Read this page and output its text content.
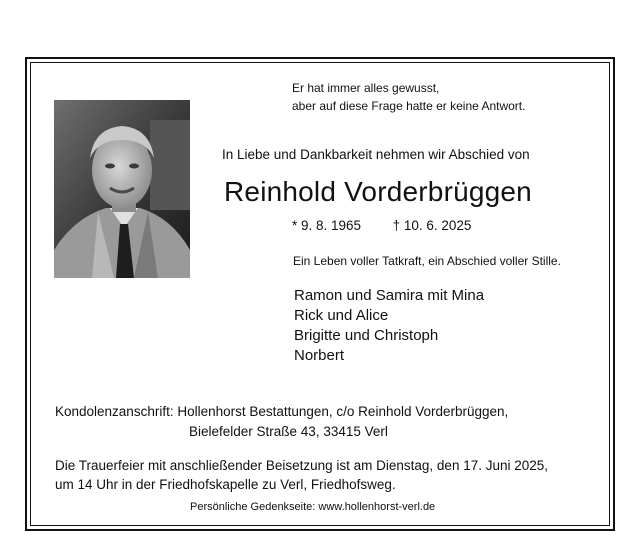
Er hat immer alles gewusst,
aber auf diese Frage hatte er keine Antwort.

In Liebe und Dankbarkeit nehmen wir Abschied von

Reinhold Vorderbrüggen

* 9. 8. 1965 † 10. 6. 2025

Ein Leben voller Tatkraft, ein Abschied voller Stille.

Ramon und Samira mit Mina
Rick und Alice
Brigitte und Christoph
Norbert
Kondolenzanschrift: Hollenhorst Bestattungen, c/o Reinhold Vorderbrüggen,
Bielefelder Straße 43, 33415 Verl
Die Trauerfeier mit anschließender Beisetzung ist am Dienstag, den 17. Juni 2025,
um 14 Uhr in der Friedhofskapelle zu Verl, Friedhofsweg.

Persönliche Gedenkseite: www.hollenhorst-verl.de
